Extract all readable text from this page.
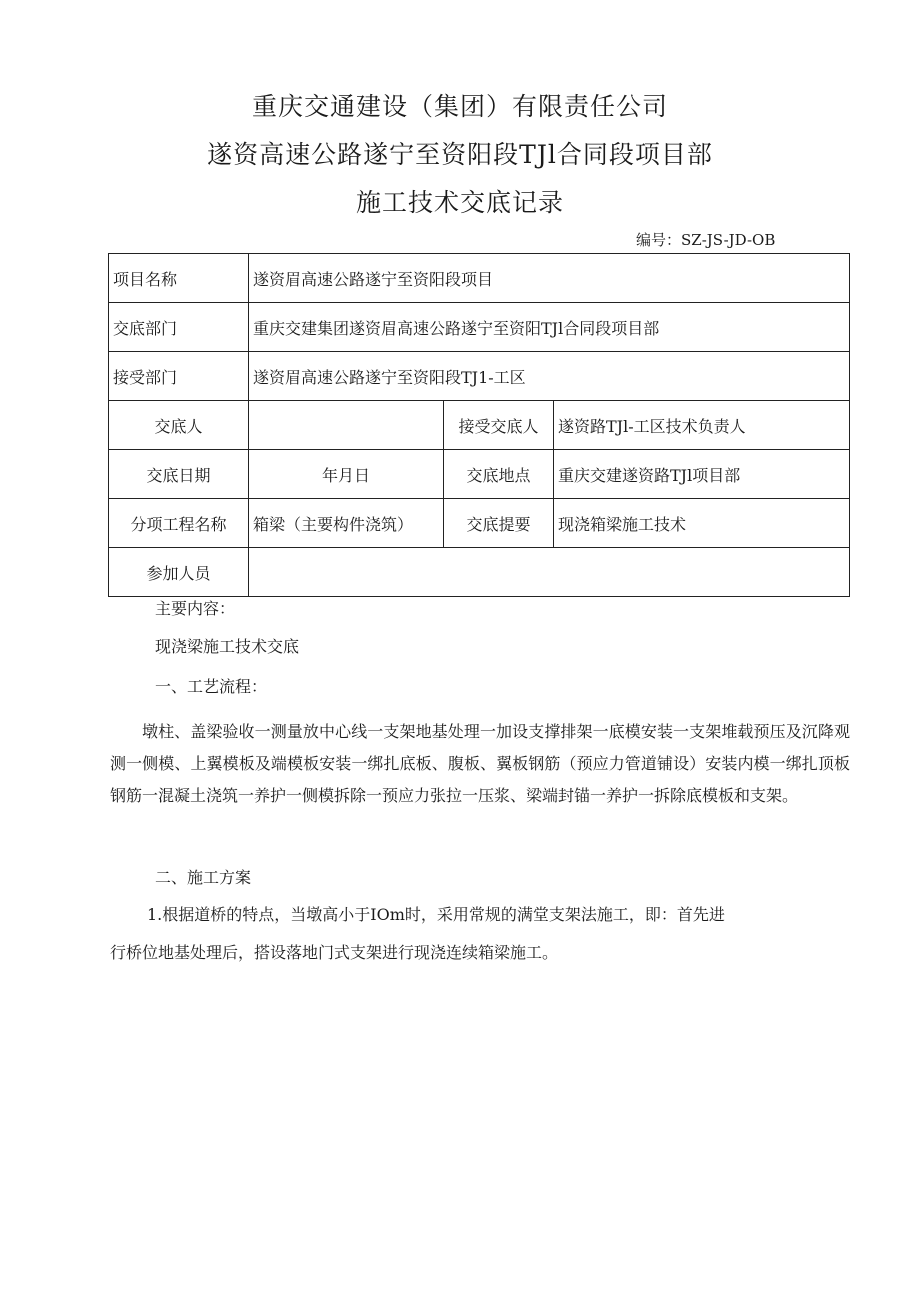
重庆交通建设（集团）有限责任公司
遂资高速公路遂宁至资阳段TJl合同段项目部
施工技术交底记录
编号：SZ-JS-JD-OB
项目名称	遂资眉高速公路遂宁至资阳段项目		
交底部门	重庆交建集团遂资眉高速公路遂宁至资阳TJl合同段项目部		
接受部门	遂资眉高速公路遂宁至资阳段TJ1-工区		
交底人		接受交底人	遂资路TJl-工区技术负责人
交底日期	年月日	交底地点	重庆交建遂资路TJl项目部
分项工程名称	箱梁（主要构件浇筑）	交底提要	现浇箱梁施工技术
参加人员			
主要内容：
现浇梁施工技术交底
一、工艺流程：
墩柱、盖梁验收一测量放中心线一支架地基处理一加设支撑排架一底模安装一支架堆载预压及沉降观测一侧模、上翼模板及端模板安装一绑扎底板、腹板、翼板钢筋（预应力管道铺设）安装内模一绑扎顶板钢筋一混凝土浇筑一养护一侧模拆除一预应力张拉一压浆、梁端封锚一养护一拆除底模板和支架。
二、施工方案
1.根据道桥的特点，当墩高小于IOm时，采用常规的满堂支架法施工，即：首先进
行桥位地基处理后，搭设落地门式支架进行现浇连续箱梁施工。
